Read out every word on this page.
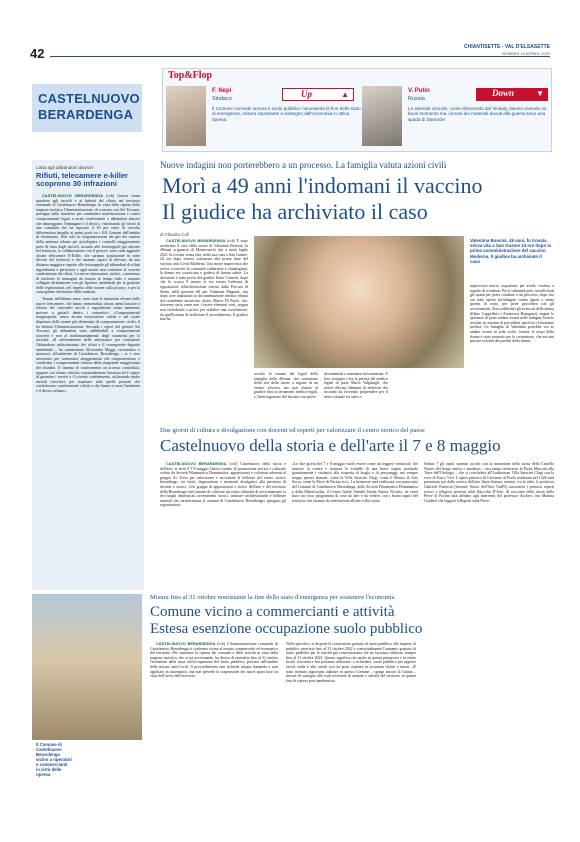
42	CHIANTISETTE - VAL D'ELSASETTE
VENERDÌ 15 APRILE 2022
CASTELNUOVO
BERARDENGA
Top&Flop
F. Nepi
Sindaco	Up	▲
Il Comune concede ancora il suolo pubblico nonostante la fine dello stato di emergenza, misura importante a sostegno dell'economia in ottica ripresa.
V. Putin
Russia
Down	▼
Le aziende vinicole, come dimostrato dal Vinitaly, stanno vivendo un buon momento ma i rincari dei materiali dovuti alla guerra sono una spada di Damocle.
Lotta agli abbandoni abusivi
Rifiuti, telecamere e-killer scoprono 30 infrazioni

CASTELNUOVO BERARDENGA (ccb) Guerra senza quartiere agli incivili e ai furbetti del rifiuto nel territorio comunale di Castelnuovo Berardenga. In vista della ripresa della stagione turistica l'Amministrazione, di concerto con Sei Toscana, prosegue nelle iniziative per combattere maleducazione e cattivi comportamenti legati a errati conferimenti e abbandoni abusivi che danneggiano l'immagine e il decoro, vanificando gli sforzi di una comunità che ha superato il 65 per cento di raccolta differenziata (meglio ai primi posti tra i 104 Comuni dell'ambito di riferimento. Non solo la riorganizzazione dei giri dei camion della nettezza urbana per privilegiare i controlli maggiormente presi di mira dagli incivili, accanto alle fototrappole già attivate nel territorio, la collaborazione con il gestore, sono state aggiunte alcune telecamere E-Killer, che saranno posizionate in zone diverse del territorio e che saranno capaci di rilevare, da una distanza maggiore rispetto alle fototrappole gli abbandoni di rifiuti ingombranti e pericolosi e ogni azione non conforme al corretto conferimento dei rifiuti. Le nuove attrezzature, inoltre, consentono di trasferire le immagini da remoto in tempo reale e saranno collegate direttamente con gli Ispettori ambientali per la gestione delle registrazioni, nel rispetto delle norme sulla privacy, e per la conseguente elevazione delle sanzioni.

Tenuta, nell'ultimo mese, sono state le infrazioni elevate dalle nuove telecamere, che hanno immortalato alcuni utenti lasciare a ridosso dei cassonetti sacchi e ingombranti senza nemmeno provare a gettarli dentro i contenitori. «Comportamenti inappropriati, senza alcuna motivazione valida e nel totale disprezzo delle norme più elementari di comportamento civile» li ha definiti l'Amministrazione. Secondo i report del gestore Sei Toscana, gli abbandoni sono addebitabili a comportamenti scorretti e non al malfunzionamento degli strumenti per la raccolta. «Il rafforzamento delle attrezzature per contrastare l'abbandono indiscriminato dei rifiuti e il conseguente degrado ambientale – ha commentato Alessandro Maggi, vicesindaco e assessore all'ambiente di Castelnuovo Berardenga – si è reso necessario per contrastare atteggiamenti che compromettono e vanificano i comportamenti virtuosi della stragrande maggioranza dei cittadini. Il sistema di conferimento ad accesso controllato, seppure con alcune criticità, sostanzialmente funziona ed è capace di garantire i servizi e il corretto conferimento, utilizzando anche metodi coercitivi, per rispettare tutte quelle persone che conferiscono correttamente i rifiuti e che hanno a cuore l'ambiente e il decoro urbano».

Nuove indagini non porterebbero a un processo. La famiglia valuta azioni civili
Morì a 49 anni l'indomani il vaccino
Il giudice ha archiviato il caso
di Claudio Coli

CASTELNUOVO BERARDENGA (ccb) È stato archiviato il caso della morte di Valentina Boncini, la 49enne originaria di Montevarchi che a metà luglio 2021 fu trovata senza vita, nella sua casa a San Gusmè, 24 ore dopo essersi sottoposta alla prima dose del vaccino anti Covid Moderna. Una morte improvvisa che aveva sconvolto le comunità valdarnese e chiantigiana, la donna era conosciuta e godeva di buona salute. La decisione è stata presa dal giudice Ilaria Cornetti, dopo che lo scorso 8 marzo si era tenuta l'udienza di opposizione all'archiviazione chiesta dalla Procura di Siena, nella persona del pm Valentina Magnini, che dopo aver analizzato la documentazione medica redatta dal consulente incaricato, dottor Marco Di Paolo, che, dovremo saria come non c'essere elementi certi, seppur non escludendo a priori, per stabilire una correlazione, da quell'istanza di archiviare il procedimento, Il giudice non ha

Valentina Boncini, 49 anni, fu trovata senza vita a San Gusme 24 ore dopo la prima somministrazione del vaccino Moderna. Il giudice ha archiviato il caso

accolto le istanze dei legali della famiglia della 49enne, che contestano della tesi della morte a seguito di un evento avverso, ma non chiesto al giudice altri accertamenti medico-legali, e l'interrogazione del lasciato con prove

documentali e sommarie informazioni. A loro sostegno c'era la perizia del medico legale di parte Mario Valgimigli, che aveva rilevato elementi di interesse che secondo lui facevano propendere per il nesso causale tra siero e

improvvisa morte, soprattutto per averlo confuso a seguito di trombosi. Per il tribunale però, insufficienti gli spunti per poter condurre a un processo, dopo che era stato aperto un'indagine contro ignoti e senza ipotesi di reato, per poter procedere con gli accertamenti. Non soddisfatti gli avvocati della donna (Fabio Cappelletti e Francesca Bonagura), seppur le speranze di poter andare avanti nelle indagini fossero residue, in assenza di precedenti specifici e letteratura medica. La famiglia di Valentina potrebbe ora se andare avanti in sede civile, tentare il corpo della donna è stato esumato per la cremazione, che era una precisa volontà dei parenti della donna.

Due giorni di cultura e divulgazione con docenti ed esperti per valorizzare il centro storico del paese
Castelnuovo della storia e dell'arte il 7 e 8 maggio

CASTELNUOVO BERARDENGA (ccb) Castelnuovo della storia e dell'arte: si terrà il 7-8 maggio l'atteso evento di promozione storica e culturale voluto da Società Filarmonica Drammatica, appassionati e volontari aderenti al gruppo Ac Tresa per valorizzare e raccontare le bellezze del centro storico berardengo, tra visite, degustazioni e momenti divulgativi alla presenza di docenti e storici. «Un gruppo di appassionati e storici dell'arte e del territorio della Berardenga vuol tentare di coltivare un vuoto culturale di avvicinamento ai dei luoghi dimenticati avvenimenti storici, strutture architettoniche e bellezze naturali che caratterizzano il comune di Castelnuovo Berardenga» spiegano gli organizzatori.

«Le due giorni del 7 e 8 maggio vuole essere come un leggero ventricolo che smuove la cenere e riattizza le scintille di una brace sopita, portando gratuitamente i visitatori alla scoperta di luoghi e di personaggi, ma sempre troppo spesso sbarrati, come la Villa Saracini Chigi, come il Museo di Arte Sacra, come la Pieve di Pacina ecc». La kermesse sarà realizzata con patrocinio del Comune di Castelnuovo Berardenga, della Società Filarmonica Drammatica e della Misericordia, il Centro Guide Sienala Strada Nuova Vecchio, ne verrà fuori un ricco programma di cose da fare e da vedere, con i buoni sapori del territorio che faranno da interruzione all'arte e alla storia.

Sabato 7 gli ospiti saranno accolti con la narrazione della storia della Castello Nuovo del borgo antico e moderno – raccontato attraverso la Pizza Marconi alla Torre dell'Orologio – che si concluderà all'Auditorium Villa Saracini Chigi con la voce di Fosco Vivi. L'opera pittorica di Giovanni di Paolo realizzata nel 1426 sarà presentata poi dalla storica dell'arte Ilaria Sestara, mentre, tra le altre, il professor Gabriele Fattorini (docente Storia dell'Arte UniFI) racconterà i preziosi reperti storici e religiosi presenti sulla Raccolta D'Arte. Al racconto della storia della Pieve di Pacina sarà affidato agli interventi del professor Ascheri, con Mattina Guidieri che leggerà il Repetti sulla Pieve.

Il Comune di Castelnuovo Berardenga vicino a operatori e commercianti in virtù delle ripresa
Misura fino al 31 ottobre nonostante la fine dello stato d'emergenza per sostenere l'economia
Comune vicino a commercianti e attività
Estesa esenzione occupazione suolo pubblico

CASTELNUOVO BERARDENGA (ccb) L'Amministrazione comunale di Castelnuovo Berardenga si conferma vicina al tessuto commerciale ed economico del territorio. Per sostenere la ripresa dei consumi e delle attività in vista della stagione turistica, che si sta avvicinando, ha deciso di estendere fino al 31 ottobre l'esenzione della tassa sull'occupazione del suolo pubblico, prevista nell'ambito delle misure anti-Covid. Il provvedimento non richiede alcuna domanda e sarà applicato in automatico, ma non prevede la sospensione dei nuovi spazi fuori in vista dell'avvio dell'esercizio.

Nello specifico, si dispone la concessione gratuita di suolo pubblico alle imprese di pubblico esercizio fino al 31 ottobre 2022 e contestualmente l'aumento gratuito di suolo pubblico per le attività già concessionarie che ne facciano richiesta, sempre fino al 31 ottobre 2022. Questo significa che anche in questa primavera e in estate locali, ristoranti e bar potranno utilizzare, o richiedere, suolo pubblico per apporre tavoli, sedie e altri arredi così da poter ospitare in sicurezza clienti e turisti. «È stato ritenuto opportuno adattare in questo Comune – spiega ancora la Giunta – misure di sostegno alle reali necessità di aziende e attività del territorio in questa fase di ripresa post-pandemica».
